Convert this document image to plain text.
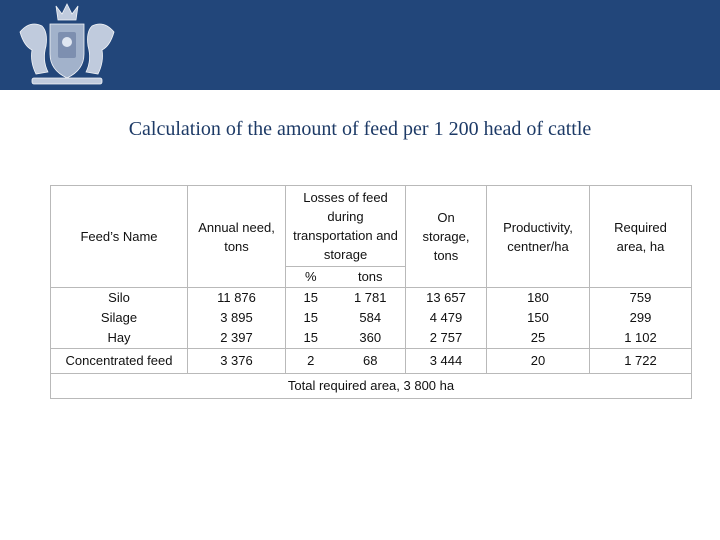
Calculation of the amount of feed per 1 200 head of cattle
Feed’s Name	Annual need, tons	Losses of feed during transportation and storage		On storage, tons	Productivity, centner/ha	Required area, ha

		%	tons			
Silo	11 876	15	1 781	13 657	180	759
Silage	3 895	15	584	4 479	150	299
Hay	2 397	15	360	2 757	25	1 102
Concentrated feed	3 376	2	68	3 444	20	1 722
Total required area, 3 800 ha						
